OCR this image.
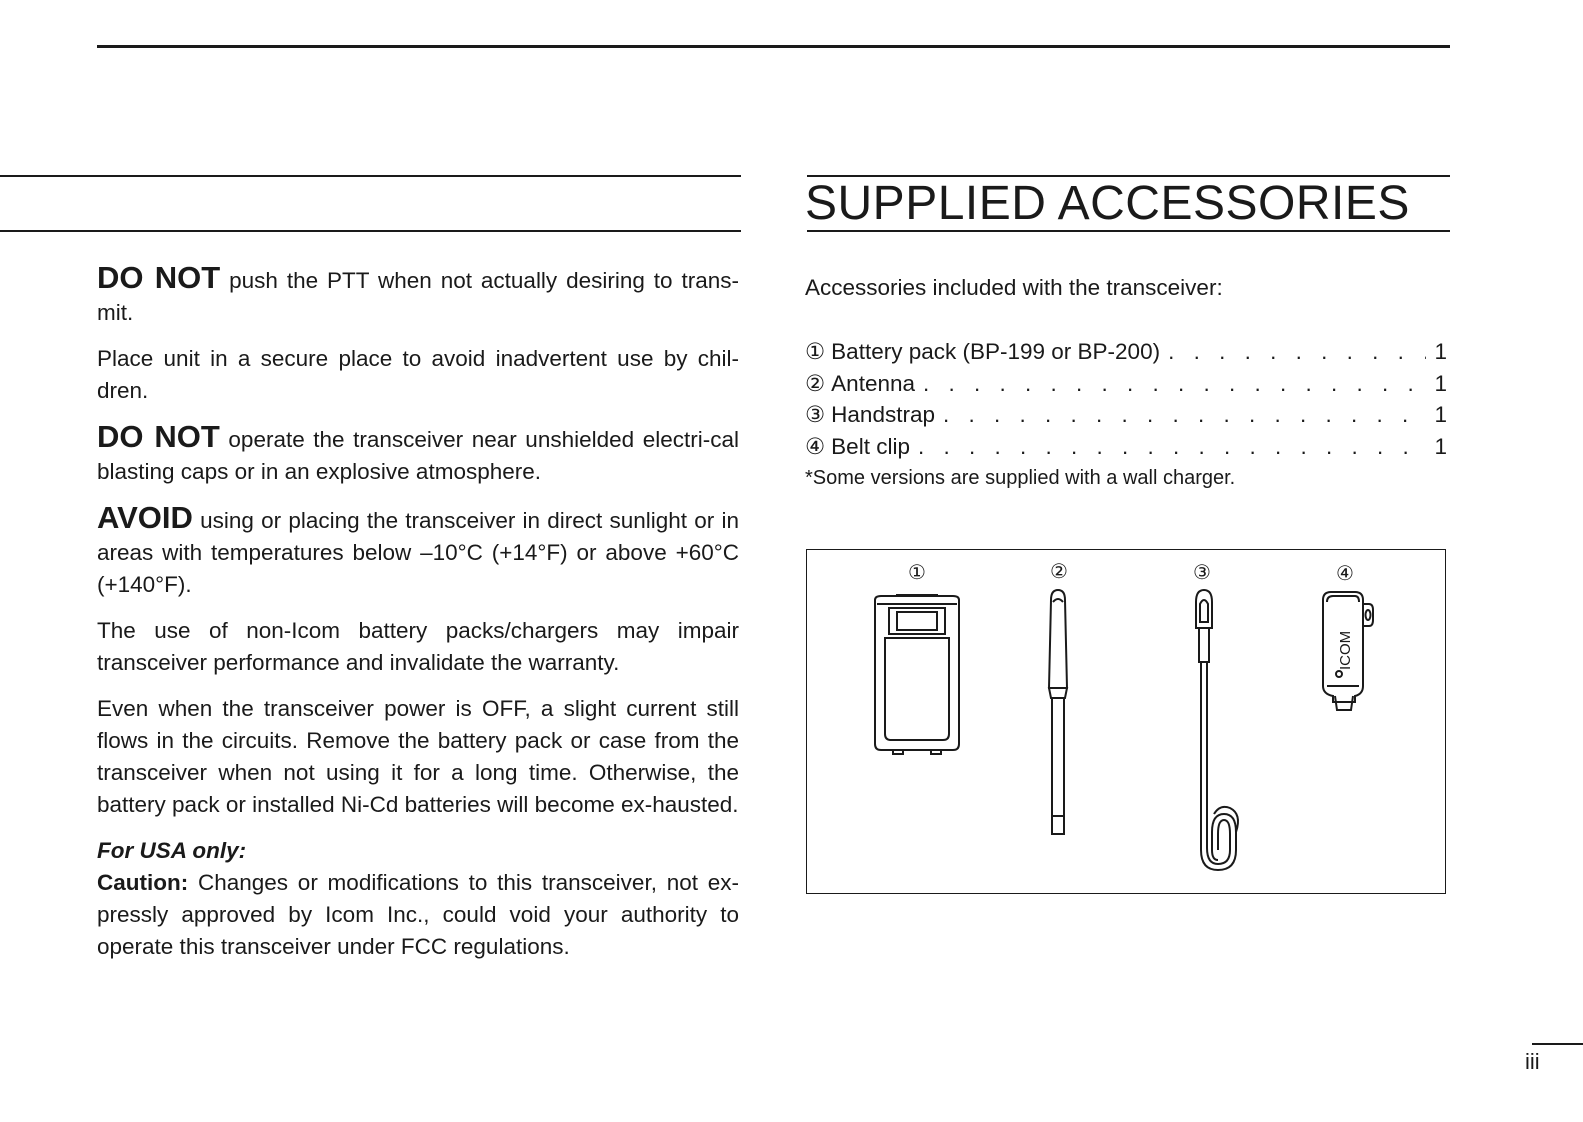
DO NOT push the PTT when not actually desiring to trans-mit.

Place unit in a secure place to avoid inadvertent use by chil-dren.

DO NOT operate the transceiver near unshielded electri-cal blasting caps or in an explosive atmosphere.

AVOID using or placing the transceiver in direct sunlight or in areas with temperatures below –10°C (+14°F) or above +60°C (+140°F).

The use of non-Icom battery packs/chargers may impair transceiver performance and invalidate the warranty.

Even when the transceiver power is OFF, a slight current still flows in the circuits. Remove the battery pack or case from the transceiver when not using it for a long time. Otherwise, the battery pack or installed Ni-Cd batteries will become ex-hausted.

For USA only:

Caution: Changes or modifications to this transceiver, not ex-pressly approved by Icom Inc., could void your authority to operate this transceiver under FCC regulations.

SUPPLIED ACCESSORIES
Accessories included with the transceiver:
① Battery pack (BP-199 or BP-200) . . .	1
② Antenna . . .	1
③ Handstrap . . .	1
④ Belt clip . . .	1
*Some versions are supplied with a wall charger.
①	②	③	④
ICOM
iii
